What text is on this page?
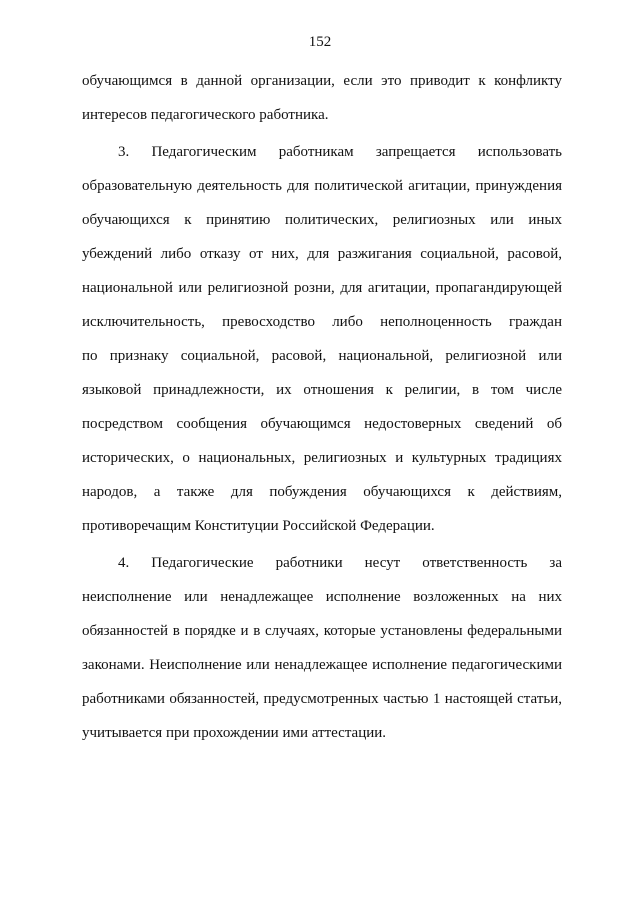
152
обучающимся в данной организации, если это приводит к конфликту
интересов педагогического работника.
3. Педагогическим работникам запрещается использовать
образовательную деятельность для политической агитации, принуждения
обучающихся к принятию политических, религиозных или иных
убеждений либо отказу от них, для разжигания социальной, расовой,
национальной или религиозной розни, для агитации, пропагандирующей
исключительность, превосходство либо неполноценность граждан
по признаку социальной, расовой, национальной, религиозной или
языковой принадлежности, их отношения к религии, в том числе
посредством сообщения обучающимся недостоверных сведений об
исторических, о национальных, религиозных и культурных традициях
народов, а также для побуждения обучающихся к действиям,
противоречащим Конституции Российской Федерации.
4. Педагогические работники несут ответственность за
неисполнение или ненадлежащее исполнение возложенных на них
обязанностей в порядке и в случаях, которые установлены федеральными
законами. Неисполнение или ненадлежащее исполнение педагогическими
работниками обязанностей, предусмотренных частью 1 настоящей статьи,
учитывается при прохождении ими аттестации.
